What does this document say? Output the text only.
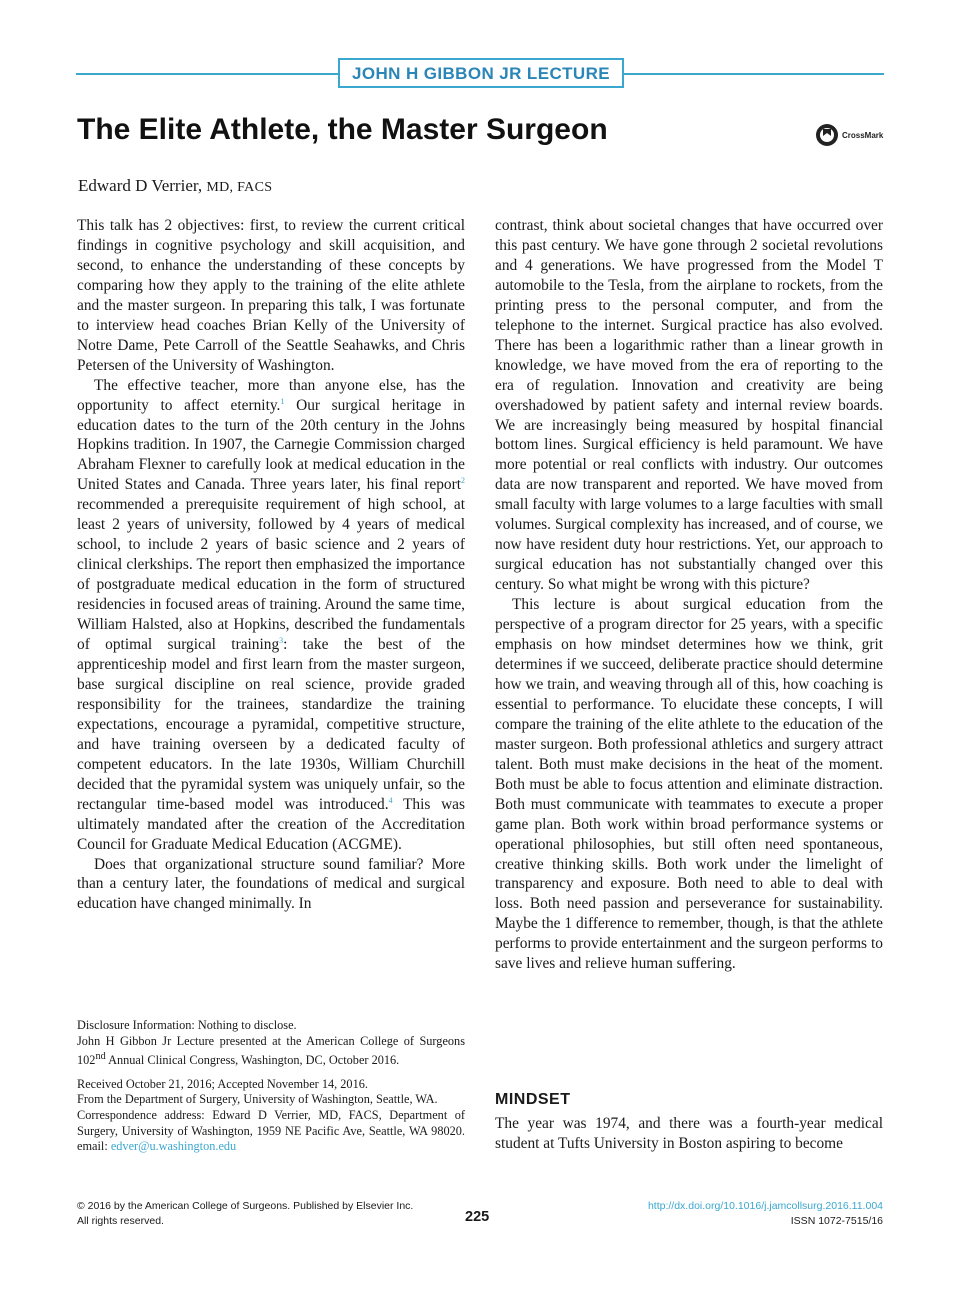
JOHN H GIBBON JR LECTURE
The Elite Athlete, the Master Surgeon	CrossMark
Edward D Verrier, MD, FACS

This talk has 2 objectives: first, to review the current critical findings in cognitive psychology and skill acquisition, and second, to enhance the understanding of these concepts by comparing how they apply to the training of the elite athlete and the master surgeon. In preparing this talk, I was fortunate to interview head coaches Brian Kelly of the University of Notre Dame, Pete Carroll of the Seattle Seahawks, and Chris Petersen of the University of Washington.

The effective teacher, more than anyone else, has the opportunity to affect eternity.$^1$ Our surgical heritage in education dates to the turn of the 20th century in the Johns Hopkins tradition. In 1907, the Carnegie Commission charged Abraham Flexner to carefully look at medical education in the United States and Canada. Three years later, his final report$^2$ recommended a prerequisite requirement of high school, at least 2 years of university, followed by 4 years of medical school, to include 2 years of basic science and 2 years of clinical clerkships. The report then emphasized the importance of postgraduate medical education in the form of structured residencies in focused areas of training. Around the same time, William Halsted, also at Hopkins, described the fundamentals of optimal surgical training$^3$: take the best of the apprenticeship model and first learn from the master surgeon, base surgical discipline on real science, provide graded responsibility for the trainees, standardize the training expectations, encourage a pyramidal, competitive structure, and have training overseen by a dedicated faculty of competent educators. In the late 1930s, William Churchill decided that the pyramidal system was uniquely unfair, so the rectangular time-based model was introduced.$^4$ This was ultimately mandated after the creation of the Accreditation Council for Graduate Medical Education (ACGME).

Does that organizational structure sound familiar? More than a century later, the foundations of medical and surgical education have changed minimally. In

contrast, think about societal changes that have occurred over this past century. We have gone through 2 societal revolutions and 4 generations. We have progressed from the Model T automobile to the Tesla, from the airplane to rockets, from the printing press to the personal computer, and from the telephone to the internet. Surgical practice has also evolved. There has been a logarithmic rather than a linear growth in knowledge, we have moved from the era of reporting to the era of regulation. Innovation and creativity are being overshadowed by patient safety and internal review boards. We are increasingly being measured by hospital financial bottom lines. Surgical efficiency is held paramount. We have more potential or real conflicts with industry. Our outcomes data are now transparent and reported. We have moved from small faculty with large volumes to a large faculties with small volumes. Surgical complexity has increased, and of course, we now have resident duty hour restrictions. Yet, our approach to surgical education has not substantially changed over this century. So what might be wrong with this picture?

This lecture is about surgical education from the perspective of a program director for 25 years, with a specific emphasis on how mindset determines how we think, grit determines if we succeed, deliberate practice should determine how we train, and weaving through all of this, how coaching is essential to performance. To elucidate these concepts, I will compare the training of the elite athlete to the education of the master surgeon. Both professional athletics and surgery attract talent. Both must make decisions in the heat of the moment. Both must be able to focus attention and eliminate distraction. Both must communicate with teammates to execute a proper game plan. Both work within broad performance systems or operational philosophies, but still often need spontaneous, creative thinking skills. Both work under the limelight of transparency and exposure. Both need to able to deal with loss. Both need passion and perseverance for sustainability. Maybe the 1 difference to remember, though, is that the athlete performs to provide entertainment and the surgeon performs to save lives and relieve human suffering.

Disclosure Information: Nothing to disclose.

John H Gibbon Jr Lecture presented at the American College of Surgeons 102nd Annual Clinical Congress, Washington, DC, October 2016.

Received October 21, 2016; Accepted November 14, 2016.

From the Department of Surgery, University of Washington, Seattle, WA.

Correspondence address: Edward D Verrier, MD, FACS, Department of Surgery, University of Washington, 1959 NE Pacific Ave, Seattle, WA 98020. email: edver@u.washington.edu

MINDSET

The year was 1974, and there was a fourth-year medical student at Tufts University in Boston aspiring to become

© 2016 by the American College of Surgeons. Published by Elsevier Inc.
All rights reserved.	225
http://dx.doi.org/10.1016/j.jamcollsurg.2016.11.004
ISSN 1072-7515/16
